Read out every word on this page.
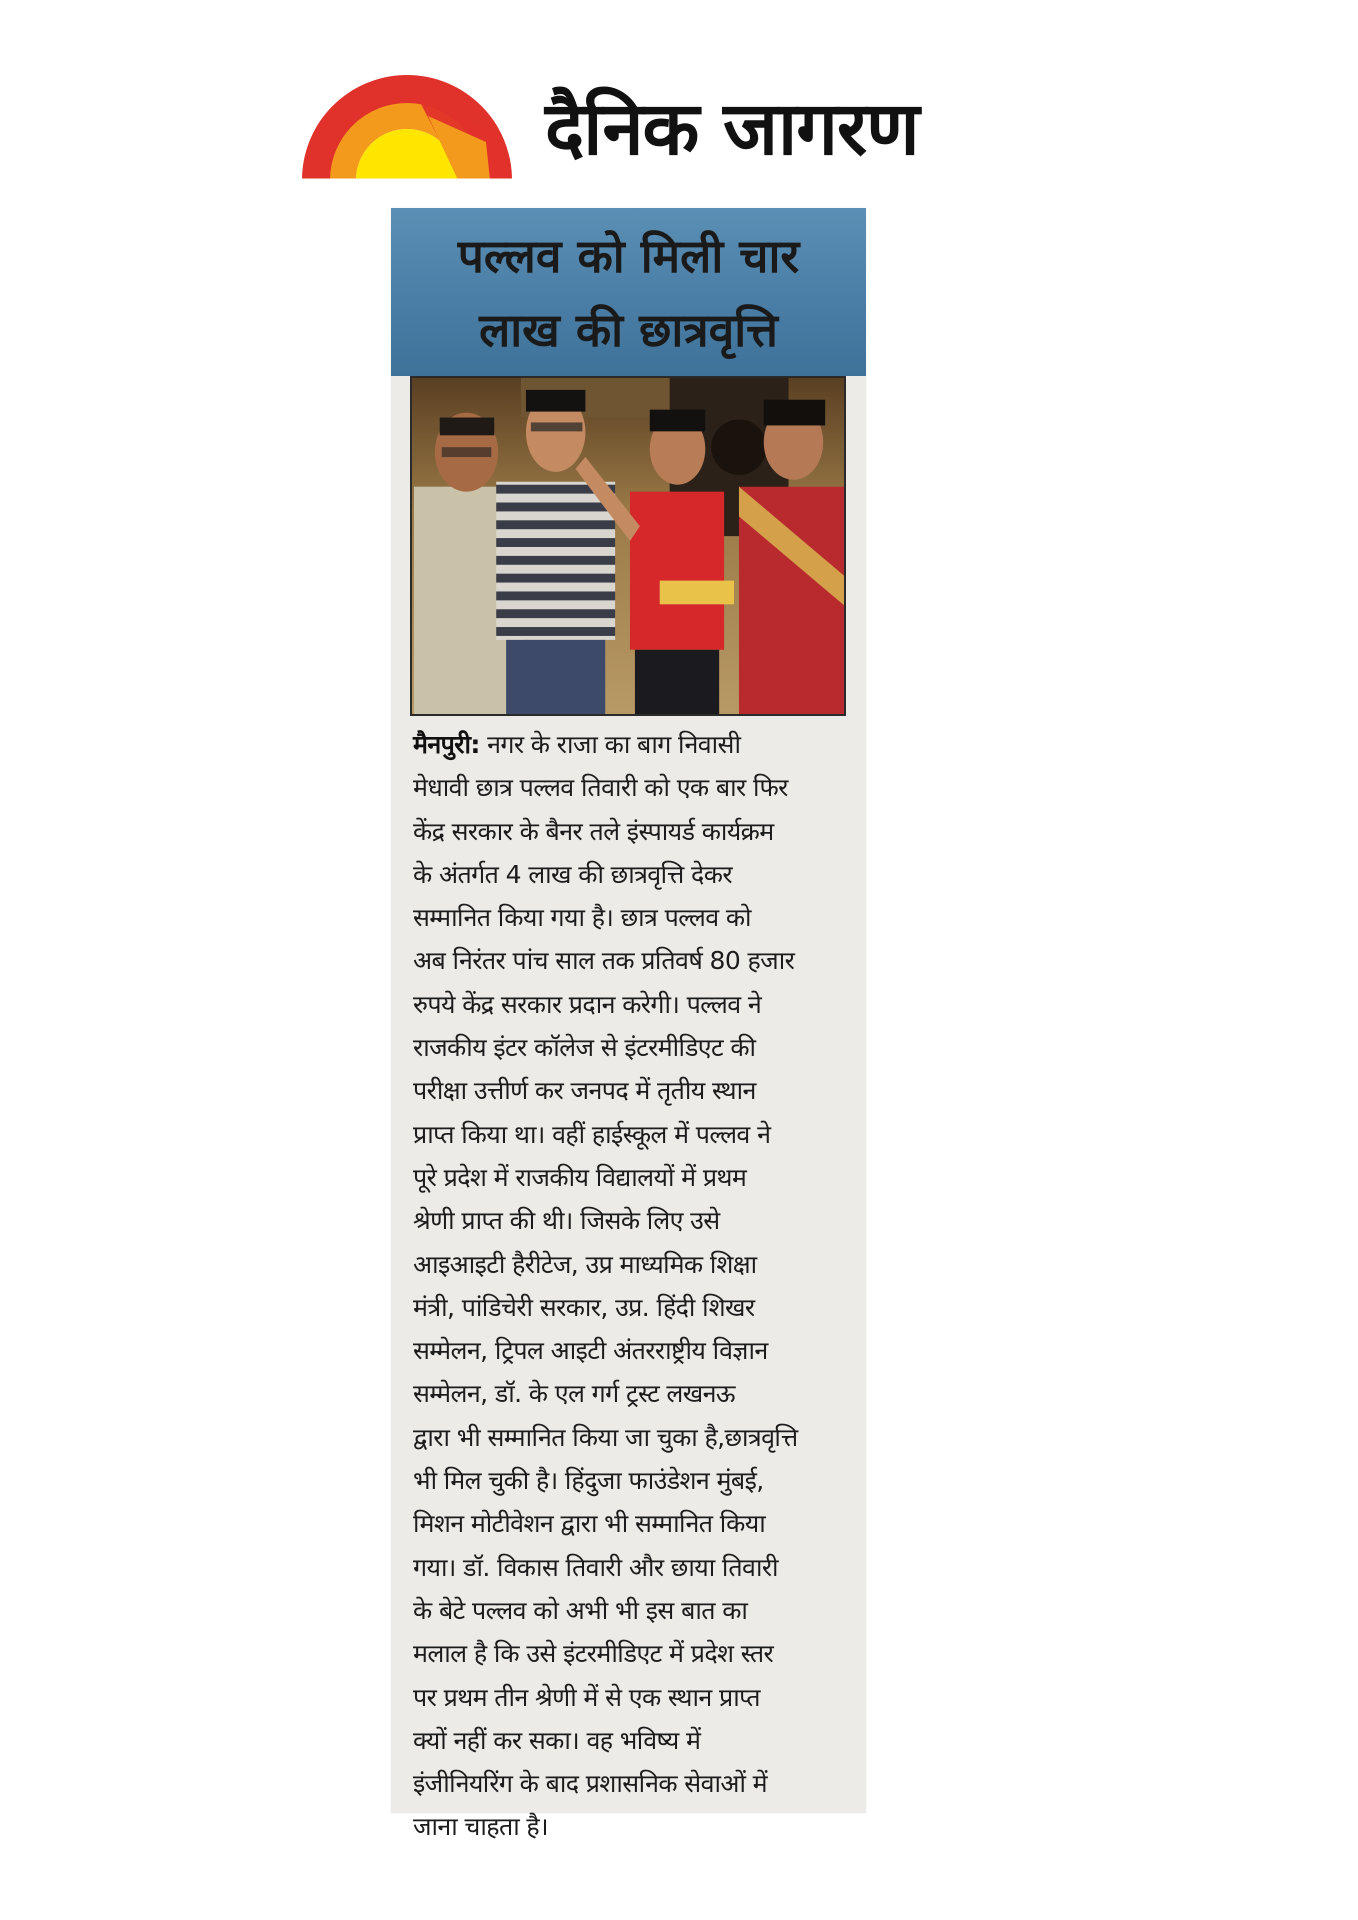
दैनिक जागरण
पल्लव को मिली चार
लाख की छात्रवृत्ति
मैनपुरी: नगर के राजा का बाग निवासी
मेधावी छात्र पल्लव तिवारी को एक बार फिर
केंद्र सरकार के बैनर तले इंस्पायर्ड कार्यक्रम
के अंतर्गत 4 लाख की छात्रवृत्ति देकर
सम्मानित किया गया है। छात्र पल्लव को
अब निरंतर पांच साल तक प्रतिवर्ष 80 हजार
रुपये केंद्र सरकार प्रदान करेगी। पल्लव ने
राजकीय इंटर कॉलेज से इंटरमीडिएट की
परीक्षा उत्तीर्ण कर जनपद में तृतीय स्थान
प्राप्त किया था। वहीं हाईस्कूल में पल्लव ने
पूरे प्रदेश में राजकीय विद्यालयों में प्रथम
श्रेणी प्राप्त की थी। जिसके लिए उसे
आइआइटी हैरीटेज, उप्र माध्यमिक शिक्षा
मंत्री, पांडिचेरी सरकार, उप्र. हिंदी शिखर
सम्मेलन, ट्रिपल आइटी अंतरराष्ट्रीय विज्ञान
सम्मेलन, डॉ. के एल गर्ग ट्रस्ट लखनऊ
द्वारा भी सम्मानित किया जा चुका है,छात्रवृत्ति
भी मिल चुकी है। हिंदुजा फाउंडेशन मुंबई,
मिशन मोटीवेशन द्वारा भी सम्मानित किया
गया। डॉ. विकास तिवारी और छाया तिवारी
के बेटे पल्लव को अभी भी इस बात का
मलाल है कि उसे इंटरमीडिएट में प्रदेश स्तर
पर प्रथम तीन श्रेणी में से एक स्थान प्राप्त
क्यों नहीं कर सका। वह भविष्य में
इंजीनियरिंग के बाद प्रशासनिक सेवाओं में
जाना चाहता है।
